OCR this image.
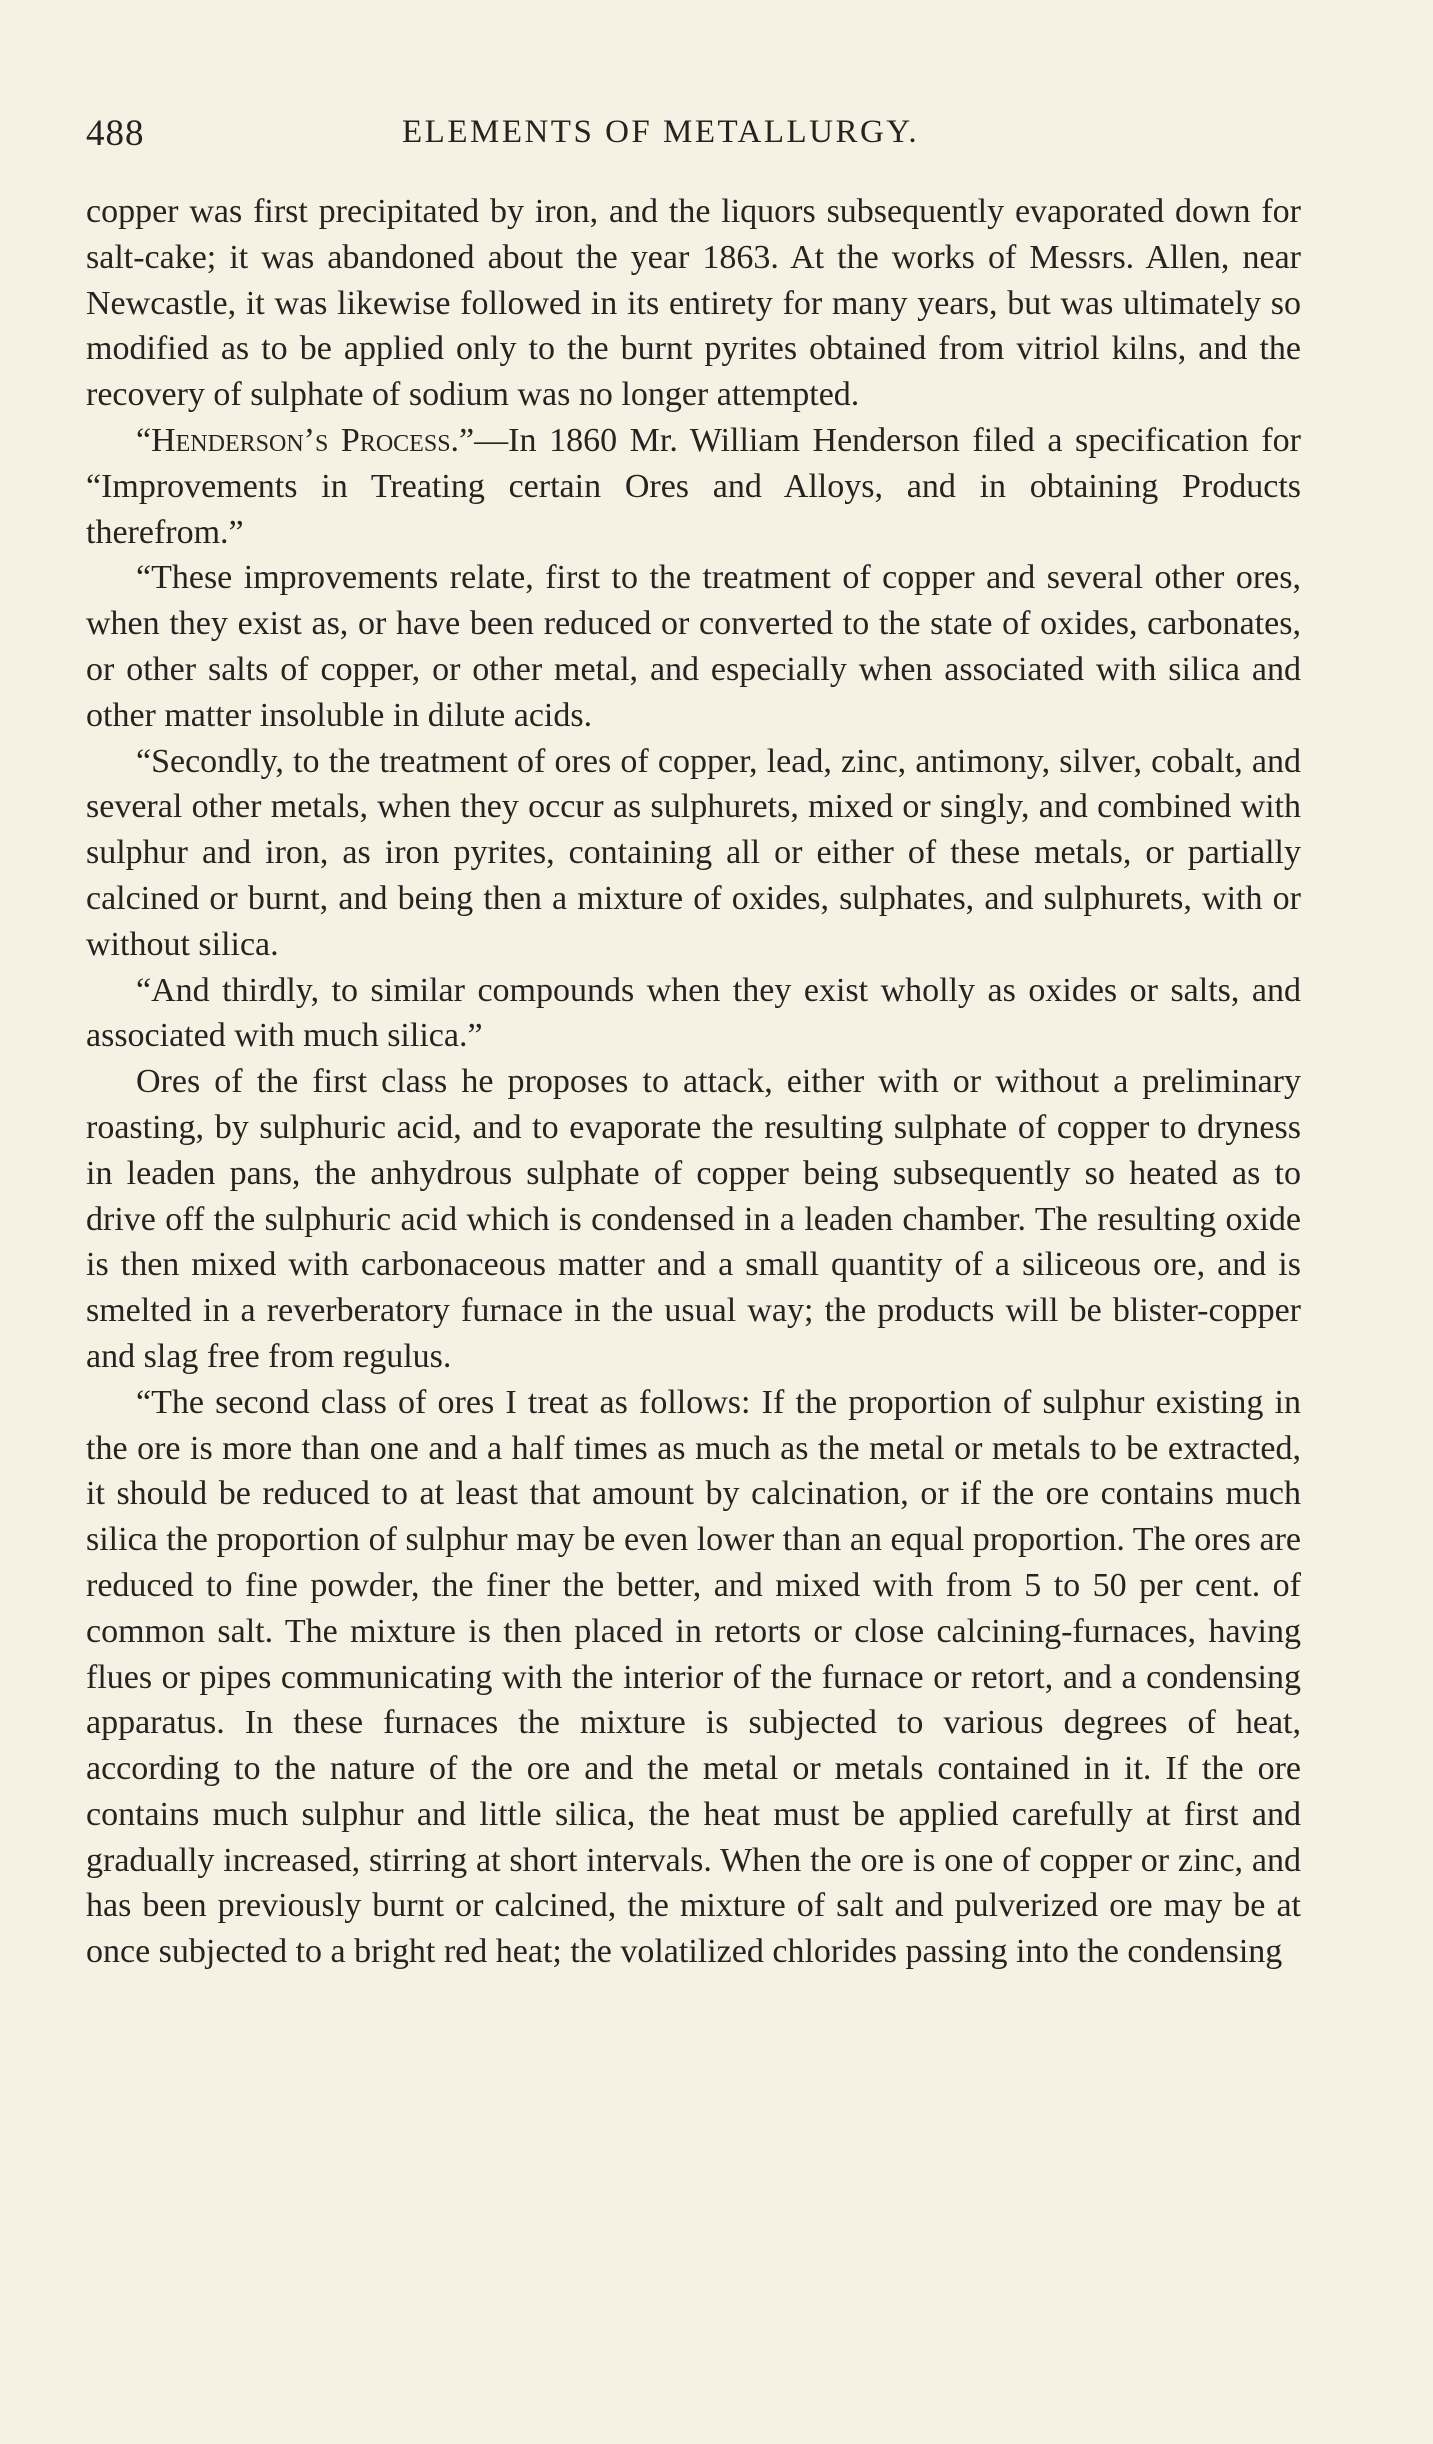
488	ELEMENTS OF METALLURGY.

copper was first precipitated by iron, and the liquors subsequently evaporated down for salt-cake; it was abandoned about the year 1863. At the works of Messrs. Allen, near Newcastle, it was likewise followed in its entirety for many years, but was ultimately so modified as to be applied only to the burnt pyrites obtained from vitriol kilns, and the recovery of sulphate of sodium was no longer attempted.

“Henderson’s Process.”—In 1860 Mr. William Henderson filed a specification for “Improvements in Treating certain Ores and Alloys, and in obtaining Products therefrom.”

“These improvements relate, first to the treatment of copper and several other ores, when they exist as, or have been reduced or converted to the state of oxides, carbonates, or other salts of copper, or other metal, and especially when associated with silica and other matter insoluble in dilute acids.

“Secondly, to the treatment of ores of copper, lead, zinc, antimony, silver, cobalt, and several other metals, when they occur as sulphurets, mixed or singly, and combined with sulphur and iron, as iron pyrites, containing all or either of these metals, or partially calcined or burnt, and being then a mixture of oxides, sulphates, and sulphurets, with or without silica.

“And thirdly, to similar compounds when they exist wholly as oxides or salts, and associated with much silica.”

Ores of the first class he proposes to attack, either with or without a preliminary roasting, by sulphuric acid, and to evaporate the resulting sulphate of copper to dryness in leaden pans, the anhydrous sulphate of copper being subsequently so heated as to drive off the sulphuric acid which is condensed in a leaden chamber. The resulting oxide is then mixed with carbonaceous matter and a small quantity of a siliceous ore, and is smelted in a reverberatory furnace in the usual way; the products will be blister-copper and slag free from regulus.

“The second class of ores I treat as follows: If the proportion of sulphur existing in the ore is more than one and a half times as much as the metal or metals to be extracted, it should be reduced to at least that amount by calcination, or if the ore contains much silica the proportion of sulphur may be even lower than an equal proportion. The ores are reduced to fine powder, the finer the better, and mixed with from 5 to 50 per cent. of common salt. The mixture is then placed in retorts or close calcining-furnaces, having flues or pipes communicating with the interior of the furnace or retort, and a condensing apparatus. In these furnaces the mixture is subjected to various degrees of heat, according to the nature of the ore and the metal or metals contained in it. If the ore contains much sulphur and little silica, the heat must be applied carefully at first and gradually increased, stirring at short intervals. When the ore is one of copper or zinc, and has been previously burnt or calcined, the mixture of salt and pulverized ore may be at once subjected to a bright red heat; the volatilized chlorides passing into the condensing
